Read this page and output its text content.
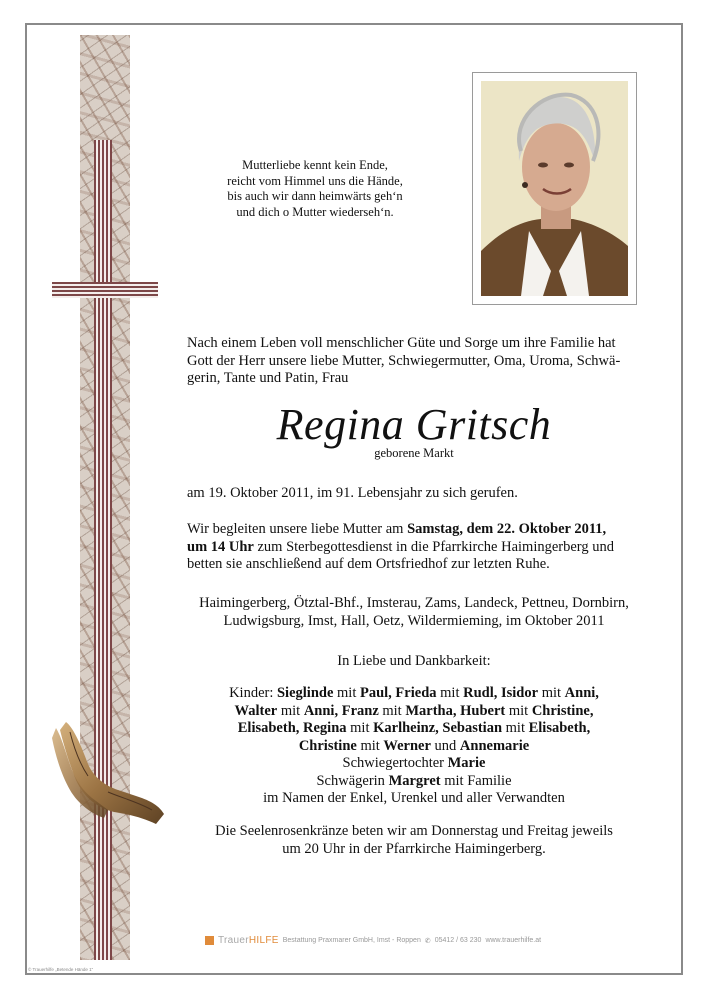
Mutterliebe kennt kein Ende,
reicht vom Himmel uns die Hände,
bis auch wir dann heimwärts geh‘n
und dich o Mutter wiederseh‘n.
Nach einem Leben voll menschlicher Güte und Sorge um ihre Familie hat
Gott der Herr unsere liebe Mutter, Schwiegermutter, Oma, Uroma, Schwä-
gerin, Tante und Patin, Frau
Regina Gritsch
geborene Markt
am 19. Oktober 2011, im 91. Lebensjahr zu sich gerufen.
Wir begleiten unsere liebe Mutter am Samstag, dem 22. Oktober 2011,
um 14 Uhr zum Sterbegottesdienst in die Pfarrkirche Haimingerberg und
betten sie anschließend auf dem Ortsfriedhof zur letzten Ruhe.
Haimingerberg, Ötztal-Bhf., Imsterau, Zams, Landeck, Pettneu, Dornbirn,
Ludwigsburg, Imst, Hall, Oetz, Wildermieming, im Oktober 2011
In Liebe und Dankbarkeit:
Kinder: Sieglinde mit Paul, Frieda mit Rudl, Isidor mit Anni,
Walter mit Anni, Franz mit Martha, Hubert mit Christine,
Elisabeth, Regina mit Karlheinz, Sebastian mit Elisabeth,
Christine mit Werner und Annemarie
Schwiegertochter Marie
Schwägerin Margret mit Familie
im Namen der Enkel, Urenkel und aller Verwandten
Die Seelenrosenkränze beten wir am Donnerstag und Freitag jeweils
um 20 Uhr in der Pfarrkirche Haimingerberg.
TrauerHILFE Bestattung Praxmarer GmbH, Imst - Roppen ✆ 05412 / 63 230 www.trauerhilfe.at
© Trauerhilfe „Betende Hände 1“
